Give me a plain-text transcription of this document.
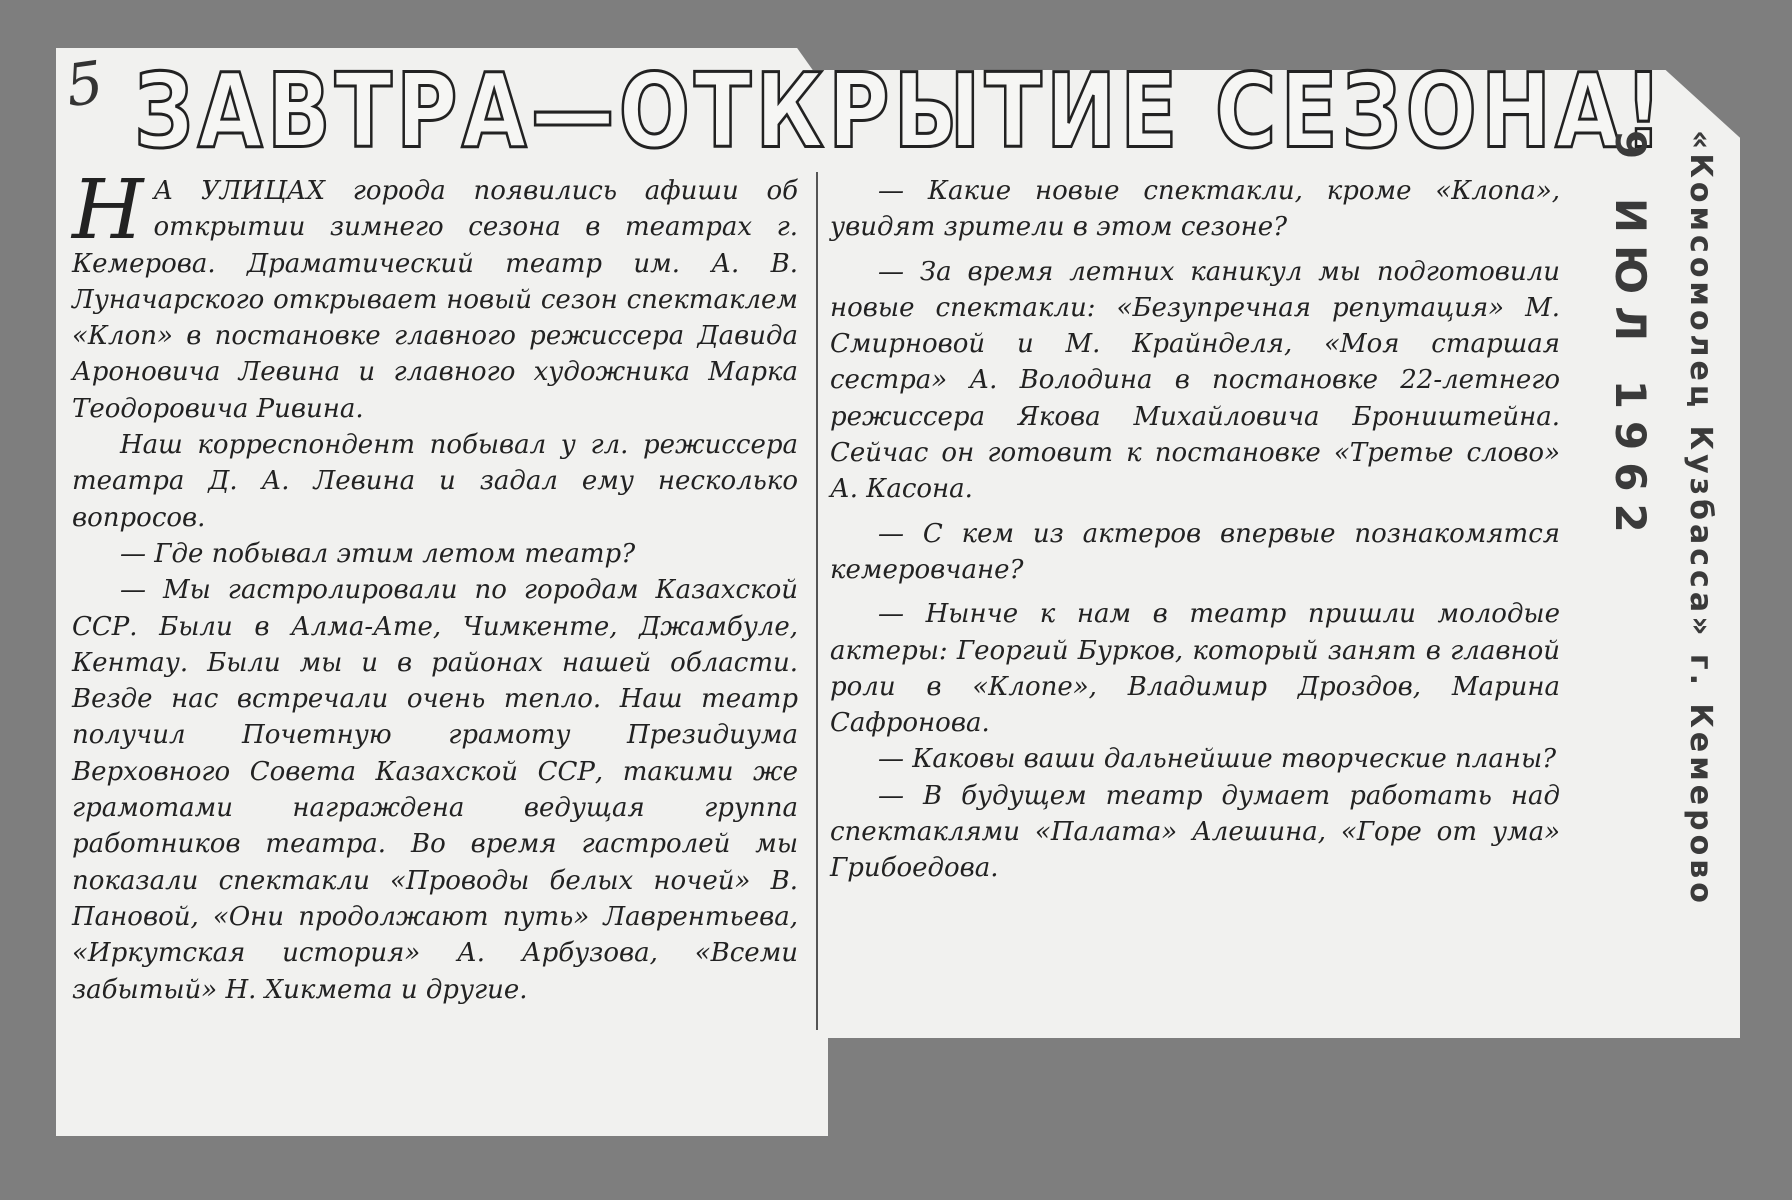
5 ЗАВТРА—ОТКРЫТИЕ СЕЗОНА!

Н А УЛИЦАХ города появились афиши об открытии зимнего сезона в театрах г. Кемерова. Драматический театр им. А. В. Луначарского открывает новый сезон спектаклем «Клоп» в постановке главного режиссера Давида Ароновича Левина и главного художника Марка Теодоровича Ривина.

Наш корреспондент побывал у гл. режиссера театра Д. А. Левина и задал ему несколько вопросов.

— Где побывал этим летом театр?

— Мы гастролировали по городам Казахской ССР. Были в Алма-Ате, Чимкенте, Джамбуле, Кентау. Были мы и в районах нашей области. Везде нас встречали очень тепло. Наш театр получил Почетную грамоту Президиума Верховного Совета Казахской ССР, такими же грамотами награждена ведущая группа работников театра. Во время гастролей мы показали спектакли «Проводы белых ночей» В. Пановой, «Они продолжают путь» Лаврентьева, «Иркутская история» А. Арбузова, «Всеми забытый» Н. Хикмета и другие.

— Какие новые спектакли, кроме «Клопа», увидят зрители в этом сезоне?

— За время летних каникул мы подготовили новые спектакли: «Безупречная репутация» М. Смирновой и М. Крайнделя, «Моя старшая сестра» А. Володина в постановке 22-летнего режиссера Якова Михайловича Броништейна. Сейчас он готовит к постановке «Третье слово» А. Касона.

— С кем из актеров впервые познакомятся кемеровчане?

— Нынче к нам в театр пришли молодые актеры: Георгий Бурков, который занят в главной роли в «Клопе», Владимир Дроздов, Марина Сафронова.

— Каковы ваши дальнейшие творческие планы?

— В будущем театр думает работать над спектаклями «Палата» Алешина, «Горе от ума» Грибоедова.	«Комсомолец Кузбасса» г. Кемерово
9 ИЮЛ 1962
